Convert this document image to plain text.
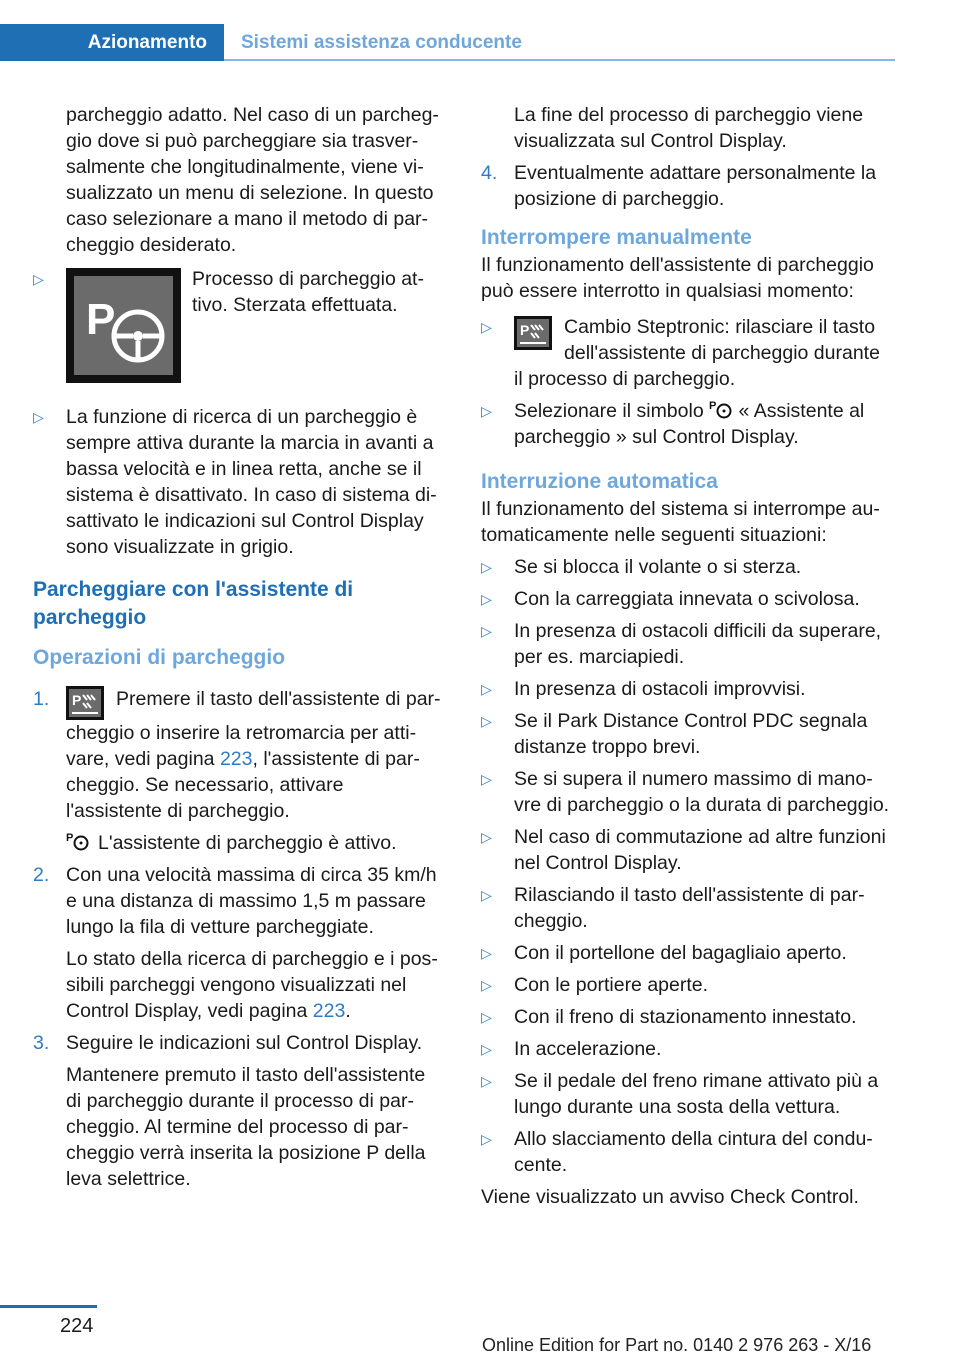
Azionamento	Sistemi assistenza conducente

parcheggio adatto. Nel caso di un parcheggio dove si può parcheggiare sia trasversalmente che longitudinalmente, viene visualizzato un menu di selezione. In questo caso selezionare a mano il metodo di parcheggio desiderato.

▷
P

Processo di parcheggio attivo. Sterzata effettuata.

▷ La funzione di ricerca di un parcheggio è sempre attiva durante la marcia in avanti a bassa velocità e in linea retta, anche se il sistema è disattivato. In caso di sistema disattivato le indicazioni sul Control Display sono visualizzate in grigio.

Parcheggiare con l'assistente di parcheggio
Operazioni di parcheggio
1. P Premere il tasto dell'assistente di parcheggio o inserire la retromarcia per attivare, vedi pagina 223, l'assistente di parcheggio. Se necessario, attivare l'assistente di parcheggio.

P L'assistente di parcheggio è attivo.

2. Con una velocità massima di circa 35 km/h e una distanza di massimo 1,5 m passare lungo la fila di vetture parcheggiate.

Lo stato della ricerca di parcheggio e i possibili parcheggi vengono visualizzati nel Control Display, vedi pagina 223.

3. Seguire le indicazioni sul Control Display.

Mantenere premuto il tasto dell'assistente di parcheggio durante il processo di parcheggio. Al termine del processo di parcheggio verrà inserita la posizione P della leva selettrice.

La fine del processo di parcheggio viene visualizzata sul Control Display.

4. Eventualmente adattare personalmente la posizione di parcheggio.

Interrompere manualmente

Il funzionamento dell'assistente di parcheggio può essere interrotto in qualsiasi momento:

▷ P	Cambio Steptronic: rilasciare il tasto dell'assistente di parcheggio durante il processo di parcheggio.

▷ Selezionare il simbolo P « Assistente al parcheggio » sul Control Display.

Interruzione automatica

Il funzionamento del sistema si interrompe automaticamente nelle seguenti situazioni:

▷ Se si blocca il volante o si sterza.

▷ Con la carreggiata innevata o scivolosa.

▷ In presenza di ostacoli difficili da superare, per es. marciapiedi.

▷ In presenza di ostacoli improvvisi.

▷ Se il Park Distance Control PDC segnala distanze troppo brevi.

▷ Se si supera il numero massimo di manovre di parcheggio o la durata di parcheggio.

▷ Nel caso di commutazione ad altre funzioni nel Control Display.

▷ Rilasciando il tasto dell'assistente di parcheggio.

▷ Con il portellone del bagagliaio aperto.

▷ Con le portiere aperte.

▷ Con il freno di stazionamento innestato.

▷ In accelerazione.

▷ Se il pedale del freno rimane attivato più a lungo durante una sosta della vettura.

▷ Allo slacciamento della cintura del conducente.

Viene visualizzato un avviso Check Control.

224
Online Edition for Part no. 0140 2 976 263 - X/16
